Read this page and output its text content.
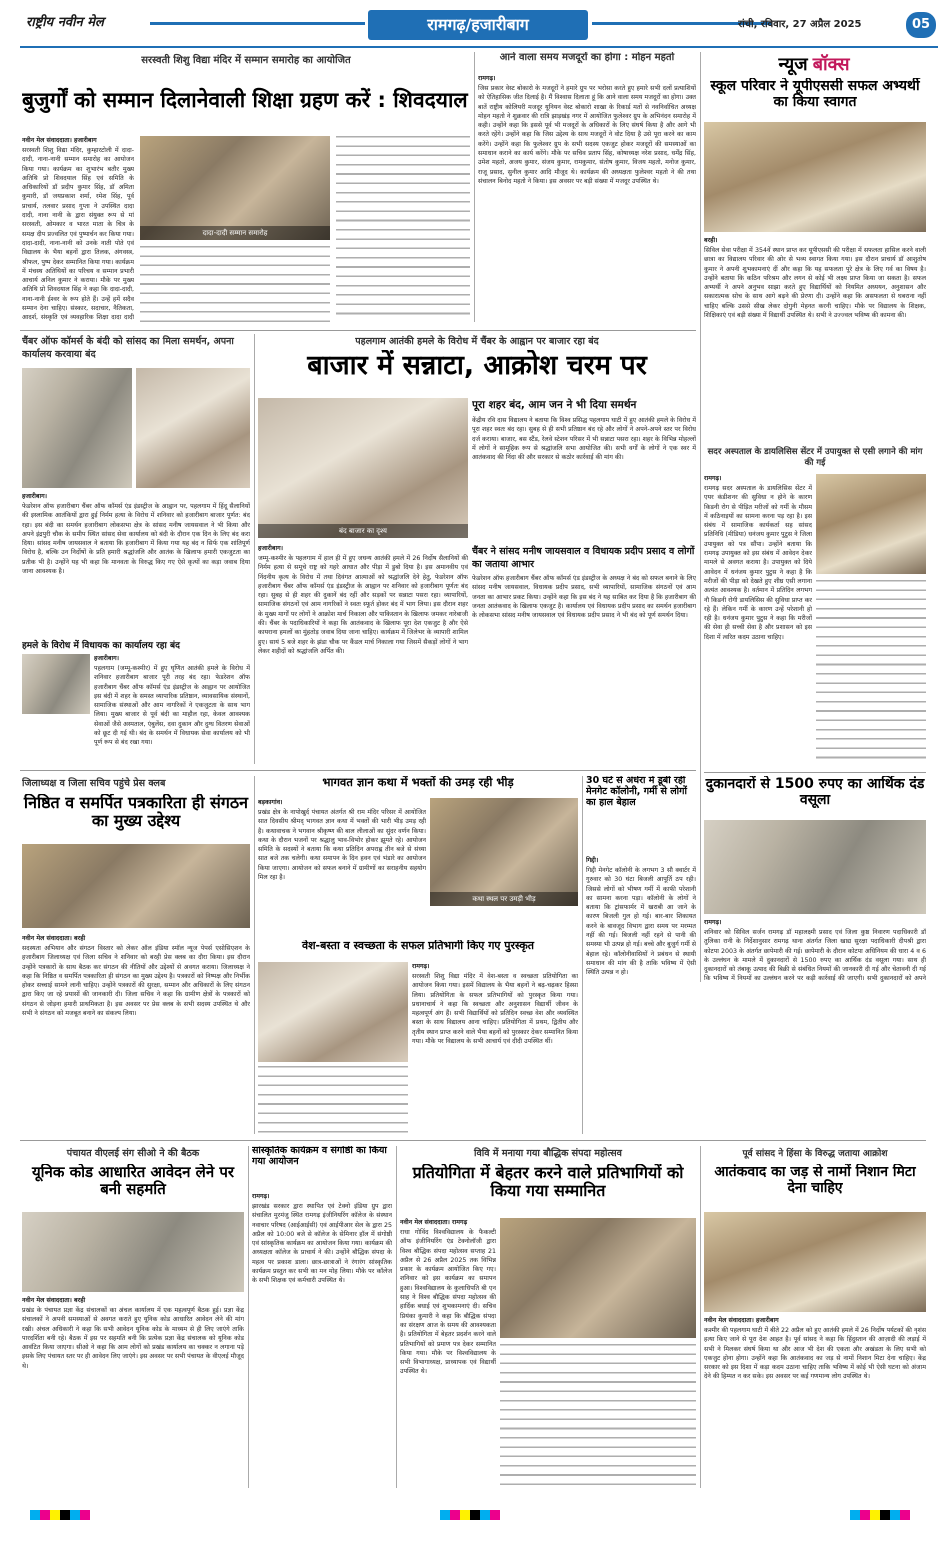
राष्ट्रीय नवीन मेल	रामगढ़/हजारीबाग	रांची, रविवार, 27 अप्रैल 2025	05
सरस्वती शिशु विद्या मंदिर में सम्मान समारोह का आयोजित
बुजुर्गों को सम्मान दिलानेवाली शिक्षा ग्रहण करें : शिवदयाल
दादा-दादी सम्मान समारोह
नवीन मेल संवाददाता। हजारीबाग
सरस्वती शिशु विद्या मंदिर, कुम्हारटोली में दादा-दादी, नाना-नानी सम्मान समारोह का आयोजन किया गया। कार्यक्रम का शुभारंभ बतौर मुख्य अतिथि प्रो शिवदयाल सिंह एवं समिति के अधिकारियों डॉ प्रदीप कुमार सिंह, डॉ अमिता कुमारी, डॉ जयप्रकाश शर्मा, रमेश सिंह, पूर्व प्राचार्य, तलवार प्रसाद गुप्ता ने उपस्थित दादा दादी, नाना नानी के द्वारा संयुक्त रूप से मां सरस्वती, ओमकार व भारत माता के चित्र के समक्ष दीप प्रज्वलित एवं पुष्पार्चन कर किया गया। दादा-दादी, नाना-नानी को उनके नाती पोते एवं विद्यालय के भैया बहनों द्वारा तिलक, अंगवस्त्र, श्रीफल, पुष्प देकर सम्मानित किया गया। कार्यक्रम में मंचस्थ अतिथियों का परिचय व सम्मान प्रभारी आचार्य अनिल कुमार ने कराया। मौके पर मुख्य अतिथि प्रो शिवदयाल सिंह ने कहा कि दादा-दादी, नाना-नानी ईश्वर के रूप होते हैं। उन्हें हमें सदैव सम्मान देना चाहिए। संस्कार, सदाचार, नैतिकता, आदर्श, संस्कृति एवं व्यवहारिक शिक्षा दादा दादी
आने वाला समय मजदूरों का होगा : मोहन महतो
रामगढ़।
जिस प्रकार वेस्ट बोकारो के मजदूरों ने हमारे ग्रुप पर भरोसा करते हुए हमारे सभी दलों प्रत्याशियों को ऐतिहासिक जीत दिलाई है। मैं विश्वास दिलाता हूं कि आने वाला समय मजदूरों का होगा। उक्त बातें राष्ट्रीय कोलियरी मजदूर यूनियन वेस्ट बोकारो शाखा के रिकार्ड मतों से नवनिर्वाचित अध्यक्ष मोहन महतो ने शुक्रवार की रात्रि झाड़खंड़ नगर में आयोजित फुलेश्वर ग्रुप के अभिनंदन समारोह में कही। उन्होंने कहा कि इससे पूर्व भी मजदूरों के अधिकारों के लिए संघर्ष किया है और आगे भी करते रहेंगे। उन्होंने कहा कि जिस उद्देश्य के साथ मजदूरों ने वोट दिया है उसे पूरा करने का काम करेंगे। उन्होंने कहा कि फुलेश्वर ग्रुप के सभी सदस्य एकजुट होकर मजदूरों की समस्याओं का समाधान कराने का कार्य करेंगे। मौके पर सचिव प्रताप सिंह, कोषाध्यक्ष नरेश प्रसाद, धर्मेंद्र सिंह, उमेश महतो, अजय कुमार, संजय कुमार, रामकुमार, संतोष कुमार, विजय महतो, मनोज कुमार, राजू प्रसाद, सुनील कुमार आदि मौजूद थे। कार्यक्रम की अध्यक्षता फुलेश्वर महतो ने की तथा संचालन बिनोद महतो ने किया। इस अवसर पर बड़ी संख्या में मजदूर उपस्थित थे।
न्यूज बॉक्स
स्कूल परिवार ने यूपीएससी सफल अभ्यर्थी का किया स्वागत
बरही।
सिविल सेवा परीक्षा में 354वें स्थान प्राप्त कर यूपीएससी की परीक्षा में सफलता हासिल करने वाली छात्रा का विद्यालय परिवार की ओर से भव्य स्वागत किया गया। इस दौरान प्राचार्य डॉ आशुतोष कुमार ने अपनी शुभकामनाएं दीं और कहा कि यह सफलता पूरे क्षेत्र के लिए गर्व का विषय है। उन्होंने बताया कि कठिन परिश्रम और लगन से कोई भी लक्ष्य प्राप्त किया जा सकता है। सफल अभ्यर्थी ने अपने अनुभव साझा करते हुए विद्यार्थियों को नियमित अध्ययन, अनुशासन और सकारात्मक सोच के साथ आगे बढ़ने की प्रेरणा दी। उन्होंने कहा कि असफलता से घबराना नहीं चाहिए बल्कि उससे सीख लेकर दोगुनी मेहनत करनी चाहिए। मौके पर विद्यालय के शिक्षक, शिक्षिकाएं एवं बड़ी संख्या में विद्यार्थी उपस्थित थे। सभी ने उज्ज्वल भविष्य की कामना की।
चैंबर ऑफ कॉमर्स के बंदी को सांसद का मिला समर्थन, अपना कार्यालय करवाया बंद
हजारीबाग।
फेडरेशन ऑफ हजारीबाग चैंबर ऑफ कॉमर्स एंड इंडस्ट्रीज के आह्वान पर, पहलगाम में हिंदू सैलानियों की इस्लामिक आतंकियों द्वारा हुई निर्मम हत्या के विरोध में शनिवार को हजारीबाग बाजार पूर्णत: बंद रहा। इस बंदी का समर्थन हजारीबाग लोकसभा क्षेत्र के सांसद मनीष जायसवाल ने भी किया और अपने इंद्रपुरी चौक के समीप स्थित सांसद सेवा कार्यालय को बंदी के दौरान एक दिन के लिए बंद करा दिया। सांसद मनीष जायसवाल ने बताया कि हजारीबाग में किया गया यह बंद न सिर्फ एक शांतिपूर्ण विरोध है, बल्कि उन निर्दोषों के प्रति हमारी श्रद्धांजलि और आतंक के खिलाफ हमारी एकजुटता का प्रतीक भी है। उन्होंने यह भी कहा कि मानवता के विरुद्ध किए गए ऐसे कृत्यों का कड़ा जवाब दिया जाना आवश्यक है।
हमले के विरोध में विधायक का कार्यालय रहा बंद
हजारीबाग।
पहलगाम (जम्मू-कश्मीर) में हुए घृणित आतंकी हमले के विरोध में शनिवार हजारीबाग बाजार पूरी तरह बंद रहा। फेडरेशन ऑफ हजारीबाग चैंबर ऑफ कॉमर्स एंड इंडस्ट्रीज के आह्वान पर आयोजित इस बंदी में शहर के समस्त व्यापारिक प्रतिष्ठान, व्यावसायिक संस्थानों, सामाजिक संस्थाओं और आम नागरिकों ने एकजुटता के साथ भाग लिया। मुख्य बाजार से पूर्व बंदी का माहौल रहा, केवल आवश्यक सेवाओं जैसे अस्पताल, एंबुलेंस, दवा दुकान और दुग्ध वितरण सेवाओं को छूट दी गई थी। बंद के समर्थन में विधायक सेवा कार्यालय को भी पूर्ण रूप से बंद रखा गया।
पहलगाम आतंकी हमले के विरोध में चैंबर के आह्वान पर बाजार रहा बंद
बाजार में सन्नाटा, आक्रोश चरम पर
बंद बाजार का दृश्य
पूरा शहर बंद, आम जन ने भी दिया समर्थन
केंद्रीय रवि दास विद्यालय ने बताया कि विश्व प्रसिद्ध पहलगाम घाटी में हुए आतंकी हमले के विरोध में पूरा शहर स्वतः बंद रहा। सुबह से ही सभी प्रतिष्ठान बंद रहे और लोगों ने अपने-अपने स्तर पर विरोध दर्ज कराया। बाजार, बस स्टैंड, रेलवे स्टेशन परिसर में भी सन्नाटा पसरा रहा। शहर के विभिन्न मोहल्लों में लोगों ने सामूहिक रूप से श्रद्धांजलि सभा आयोजित की। सभी वर्गों के लोगों ने एक स्वर में आतंकवाद की निंदा की और सरकार से कठोर कार्रवाई की मांग की।
हजारीबाग।
जम्मू-कश्मीर के पहलगाम में हाल ही में हुए जघन्य आतंकी हमले में 26 निर्दोष सैलानियों की निर्मम हत्या से समूचे राष्ट्र को गहरे आघात और पीड़ा में डुबो दिया है। इस अमानवीय एवं निंदनीय कृत्य के विरोध में तथा दिवंगत आत्माओं को श्रद्धांजलि देने हेतु, फेडरेशन ऑफ हजारीबाग चैंबर ऑफ कॉमर्स एंड इंडस्ट्रीज के आह्वान पर शनिवार को हजारीबाग पूर्णतः बंद रहा। सुबह से ही शहर की दुकानें बंद रहीं और सड़कों पर सन्नाटा पसरा रहा। व्यापारियों, सामाजिक संगठनों एवं आम नागरिकों ने स्वतः स्फूर्त होकर बंद में भाग लिया। इस दौरान शहर के मुख्य मार्गों पर लोगों ने आक्रोश मार्च निकाला और पाकिस्तान के खिलाफ जमकर नारेबाजी की। चैंबर के पदाधिकारियों ने कहा कि आतंकवाद के खिलाफ पूरा देश एकजुट है और ऐसे कायराना हमलों का मुंहतोड़ जवाब दिया जाना चाहिए। कार्यक्रम में जिलेभर के व्यापारी शामिल हुए। सायं 5 बजे शहर के झंडा चौक पर कैंडल मार्च निकाला गया जिसमें सैकड़ों लोगों ने भाग लेकर शहीदों को श्रद्धांजलि अर्पित की।
चैंबर ने सांसद मनीष जायसवाल व विधायक प्रदीप प्रसाद व लोगों का जताया आभार
फेडरेशन ऑफ हजारीबाग चैंबर ऑफ कॉमर्स एंड इंडस्ट्रीज के अध्यक्ष ने बंद को सफल बनाने के लिए सांसद मनीष जायसवाल, विधायक प्रदीप प्रसाद, सभी व्यापारियों, सामाजिक संगठनों एवं आम जनता का आभार प्रकट किया। उन्होंने कहा कि इस बंद ने यह साबित कर दिया है कि हजारीबाग की जनता आतंकवाद के खिलाफ एकजुट है। कार्यालय एवं विधायक प्रदीप प्रसाद का समर्थन हजारीबाग के लोकसभा सांसद मनीष जायसवाल एवं विधायक प्रदीप प्रसाद ने भी बंद को पूर्ण समर्थन दिया।
सदर अस्पताल के डायलिसिस सेंटर में उपायुक्त से एसी लगाने की मांग की गई
रामगढ़।
रामगढ़ सदर अस्पताल के डायलिसिस सेंटर में एयर कंडीशनर की सुविधा न होने के कारण किडनी रोग से पीड़ित मरीजों को गर्मी के मौसम में कठिनाइयों का सामना करना पड़ रहा है। इस संबंध में सामाजिक कार्यकर्ता सह सांसद प्रतिनिधि (मीडिया) धनंजय कुमार पुटुस ने जिला उपायुक्त को पत्र सौंपा। उन्होंने बताया कि रामगढ़ उपायुक्त को इस संबंध में आवेदन देकर मामले से अवगत कराया है। उपायुक्त को दिये आवेदन में धनंजय कुमार पुटुस ने कहा है कि मरीजों की पीड़ा को देखते हुए शीघ्र एसी लगाना अत्यंत आवश्यक है। वर्तमान में प्रतिदिन लगभग नौ किडनी रोगी डायलिसिस की सुविधा प्राप्त कर रहे हैं। लेकिन गर्मी के कारण उन्हें परेशानी हो रही है। धनंजय कुमार पुटुस ने कहा कि मरीजों की सेवा ही सच्ची सेवा है और प्रशासन को इस दिशा में त्वरित कदम उठाना चाहिए।
जिलाध्यक्ष व जिला सचिव पहुंचे प्रेस क्लब
निष्ठित व समर्पित पत्रकारिता ही संगठन का मुख्य उद्देश्य
नवीन मेल संवाददाता। बरही
सदस्यता अभियान और संगठन विस्तार को लेकर ऑल इंडिया स्मॉल न्यूज पेपर्स एसोसिएशन के हजारीबाग जिलाध्यक्ष एवं जिला सचिव ने शनिवार को बरही प्रेस क्लब का दौरा किया। इस दौरान उन्होंने पत्रकारों के साथ बैठक कर संगठन की नीतियों और उद्देश्यों से अवगत कराया। जिलाध्यक्ष ने कहा कि निष्ठित व समर्पित पत्रकारिता ही संगठन का मुख्य उद्देश्य है। पत्रकारों को निष्पक्ष और निर्भीक होकर सच्चाई सामने लानी चाहिए। उन्होंने पत्रकारों की सुरक्षा, सम्मान और अधिकारों के लिए संगठन द्वारा किए जा रहे प्रयासों की जानकारी दी। जिला सचिव ने कहा कि ग्रामीण क्षेत्रों के पत्रकारों को संगठन से जोड़ना हमारी प्राथमिकता है। इस अवसर पर प्रेस क्लब के सभी सदस्य उपस्थित थे और सभी ने संगठन को मजबूत बनाने का संकल्प लिया।
भागवत ज्ञान कथा में भक्तों की उमड़ रही भीड़
बड़कागांव।
प्रखंड क्षेत्र के नापोखुर्द पंचायत अंतर्गत श्री राम मंदिर परिसर में आयोजित सात दिवसीय श्रीमद् भागवत ज्ञान कथा में भक्तों की भारी भीड़ उमड़ रही है। कथावाचक ने भगवान श्रीकृष्ण की बाल लीलाओं का सुंदर वर्णन किया। कथा के दौरान भजनों पर श्रद्धालु भाव-विभोर होकर झूमते रहे। आयोजन समिति के सदस्यों ने बताया कि कथा प्रतिदिन अपराह्न तीन बजे से संध्या सात बजे तक चलेगी। कथा समापन के दिन हवन एवं भंडारे का आयोजन किया जाएगा। आयोजन को सफल बनाने में ग्रामीणों का सराहनीय सहयोग मिल रहा है।
कथा स्थल पर उमड़ी भीड़
30 घंटे से अंधेरा में डूबी रही मेनगेट कॉलोनी, गर्मी से लोगों का हाल बेहाल
गिद्दी।
गिद्दी मेनगेट कॉलोनी के लगभग 3 सौ क्वार्टर में गुरुवार को 30 घंटा बिजली आपूर्ति ठप रही। जिससे लोगों को भीषण गर्मी में काफी परेशानी का सामना करना पड़ा। कॉलोनी के लोगों ने बताया कि ट्रांसफार्मर में खराबी आ जाने के कारण बिजली गुल हो गई। बार-बार शिकायत करने के बावजूद विभाग द्वारा समय पर मरम्मत नहीं की गई। बिजली नहीं रहने से पानी की समस्या भी उत्पन्न हो गई। बच्चे और बुजुर्ग गर्मी से बेहाल रहे। कॉलोनीवासियों ने प्रबंधन से स्थायी समाधान की मांग की है ताकि भविष्य में ऐसी स्थिति उत्पन्न न हो।
दुकानदारों से 1500 रुपए का आर्थिक दंड वसूला
रामगढ़।
शनिवार को सिविल सर्जन रामगढ़ डॉ महालक्ष्मी प्रसाद एवं जिला कुष्ठ निवारण पदाधिकारी डॉ तुलिका रानी के निर्देशानुसार रामगढ़ थाना अंतर्गत जिला खाद्य सुरक्षा पदाधिकारी दीपश्री द्वारा कोटपा 2003 के अंतर्गत छापेमारी की गई। छापेमारी के दौरान कोटपा अधिनियम की धारा 4 व 6 के उल्लंघन के मामले में दुकानदारों से 1500 रुपए का आर्थिक दंड वसूला गया। साथ ही दुकानदारों को तंबाकू उत्पाद की बिक्री से संबंधित नियमों की जानकारी दी गई और चेतावनी दी गई कि भविष्य में नियमों का उल्लंघन करने पर कड़ी कार्रवाई की जाएगी। सभी दुकानदारों को अपने
वेश-बस्ता व स्वच्छता के सफल प्रतिभागी किए गए पुरस्कृत
रामगढ़।
सरस्वती शिशु विद्या मंदिर में वेश-बस्ता व स्वच्छता प्रतियोगिता का आयोजन किया गया। इसमें विद्यालय के भैया बहनों ने बढ़-चढ़कर हिस्सा लिया। प्रतियोगिता के सफल प्रतिभागियों को पुरस्कृत किया गया। प्रधानाचार्य ने कहा कि स्वच्छता और अनुशासन विद्यार्थी जीवन के महत्वपूर्ण अंग हैं। सभी विद्यार्थियों को प्रतिदिन स्वच्छ वेश और व्यवस्थित बस्ता के साथ विद्यालय आना चाहिए। प्रतियोगिता में प्रथम, द्वितीय और तृतीय स्थान प्राप्त करने वाले भैया बहनों को पुरस्कार देकर सम्मानित किया गया। मौके पर विद्यालय के सभी आचार्य एवं दीदी उपस्थित थीं।
पंचायत वीएलई संग सीओ ने की बैठक
यूनिक कोड आधारित आवेदन लेने पर बनी सहमति
नवीन मेल संवाददाता। बरही
प्रखंड के पंचायत प्रज्ञा केंद्र संचालकों का अंचल कार्यालय में एक महत्वपूर्ण बैठक हुई। प्रज्ञा केंद्र संचालकों ने अपनी समस्याओं से अवगत कराते हुए यूनिक कोड आधारित आवेदन लेने की मांग रखी। अंचल अधिकारी ने कहा कि सभी आवेदन यूनिक कोड के माध्यम से ही लिए जाएंगे ताकि पारदर्शिता बनी रहे। बैठक में इस पर सहमति बनी कि प्रत्येक प्रज्ञा केंद्र संचालक को यूनिक कोड आवंटित किया जाएगा। सीओ ने कहा कि आम लोगों को प्रखंड कार्यालय का चक्कर न लगाना पड़े इसके लिए पंचायत स्तर पर ही आवेदन लिए जाएंगे। इस अवसर पर सभी पंचायत के वीएलई मौजूद थे।
सांस्कृतिक कार्यक्रम व संगोष्ठी का किया गया आयोजन
रामगढ़।
झारखंड सरकार द्वारा स्थापित एवं टेक्नो इंडिया ग्रुप द्वारा संचालित मुरमंजु स्थित रामगढ़ इंजीनियरिंग कॉलेज के संस्थान नवाचार परिषद (आईआईसी) एवं आईपीआर सेल के द्वारा 25 अप्रैल को 10:00 बजे से कॉलेज के सेमिनार हॉल में संगोष्ठी एवं सांस्कृतिक कार्यक्रम का आयोजन किया गया। कार्यक्रम की अध्यक्षता कॉलेज के प्राचार्य ने की। उन्होंने बौद्धिक संपदा के महत्व पर प्रकाश डाला। छात्र-छात्राओं ने रंगारंग सांस्कृतिक कार्यक्रम प्रस्तुत कर सभी का मन मोह लिया। मौके पर कॉलेज के सभी शिक्षक एवं कर्मचारी उपस्थित थे।
विवि में मनाया गया बौद्धिक संपदा महोत्सव
प्रतियोगिता में बेहतर करने वाले प्रतिभागियों को किया गया सम्मानित
नवीन मेल संवाददाता। रामगढ़
राधा गोविंद विश्वविद्यालय के फैकल्टी ऑफ इंजीनियरिंग एंड टेक्नोलॉजी द्वारा विश्व बौद्धिक संपदा महोत्सव सप्ताह 21 अप्रैल से 26 अप्रैल 2025 तक विभिन्न प्रकार के कार्यक्रम आयोजित किए गए। शनिवार को इस कार्यक्रम का समापन हुआ। विश्वविद्यालय के कुलाधिपति बी एन साह ने विश्व बौद्धिक संपदा महोत्सव की हार्दिक बधाई एवं शुभकामनाएं दी। सचिव प्रियंका कुमारी ने कहा कि बौद्धिक संपदा का संरक्षण आज के समय की आवश्यकता है। प्रतियोगिता में बेहतर प्रदर्शन करने वाले प्रतिभागियों को प्रमाण पत्र देकर सम्मानित किया गया। मौके पर विश्वविद्यालय के सभी विभागाध्यक्ष, प्राध्यापक एवं विद्यार्थी उपस्थित थे।
पूर्व सांसद ने हिंसा के विरुद्ध जताया आक्रोश
आतंकवाद का जड़ से नामों निशान मिटा देना चाहिए
नवीन मेल संवाददाता। हजारीबाग
कश्मीर की पहलगाम घाटी में बीते 22 अप्रैल को हुए आतंकी हमले में 26 निर्दोष पर्यटकों की नृशंस हत्या किए जाने से पूरा देश आहत है। पूर्व सांसद ने कहा कि हिंदुस्तान की आज़ादी की लड़ाई में सभी ने मिलकर संघर्ष किया था और आज भी देश की एकता और अखंडता के लिए सभी को एकजुट होना होगा। उन्होंने कहा कि आतंकवाद का जड़ से नामों निशान मिटा देना चाहिए। केंद्र सरकार को इस दिशा में कड़ा कदम उठाना चाहिए ताकि भविष्य में कोई भी ऐसी घटना को अंजाम देने की हिम्मत न कर सके। इस अवसर पर कई गणमान्य लोग उपस्थित थे।
